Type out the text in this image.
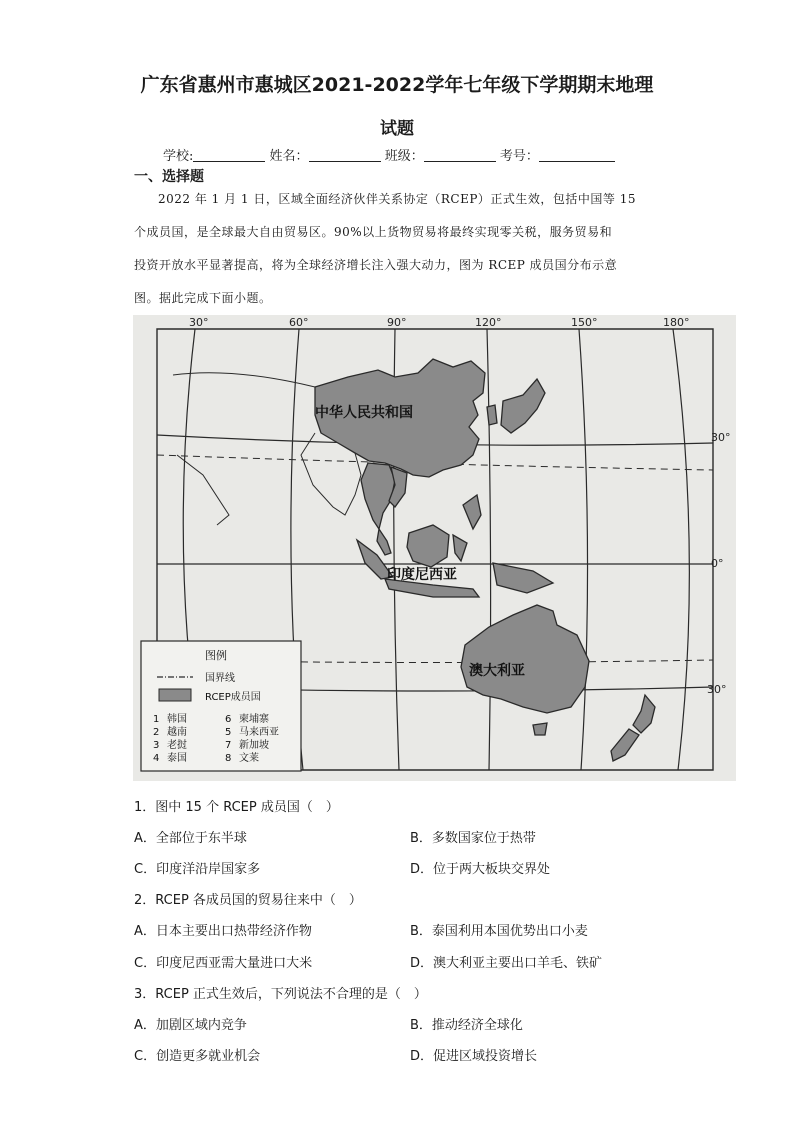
广东省惠州市惠城区2021-2022学年七年级下学期期末地理
试题
学校:	姓名：	班级：	考号：
一、选择题

2022 年 1 月 1 日，区域全面经济伙伴关系协定（RCEP）正式生效，包括中国等 15

个成员国，是全球最大自由贸易区。90%以上货物贸易将最终实现零关税，服务贸易和

投资开放水平显著提高，将为全球经济增长注入强大动力，图为 RCEP 成员国分布示意

图。据此完成下面小题。

中华人民共和国
印度尼西亚
澳大利亚
30°	60°	90°	120°	150°	180°
30°
0°
30°
图例
国界线
RCEP成员国
1 韩国	6 柬埔寨
2 越南	5 马来西亚
3 老挝	7 新加坡
4 泰国	8 文莱
1．图中 15 个 RCEP 成员国（　）
A．全部位于东半球	B．多数国家位于热带
C．印度洋沿岸国家多	D．位于两大板块交界处
2．RCEP 各成员国的贸易往来中（　）
A．日本主要出口热带经济作物	B．泰国利用本国优势出口小麦
C．印度尼西亚需大量进口大米	D．澳大利亚主要出口羊毛、铁矿
3．RCEP 正式生效后，下列说法不合理的是（　）
A．加剧区域内竞争	B．推动经济全球化
C．创造更多就业机会	D．促进区域投资增长
